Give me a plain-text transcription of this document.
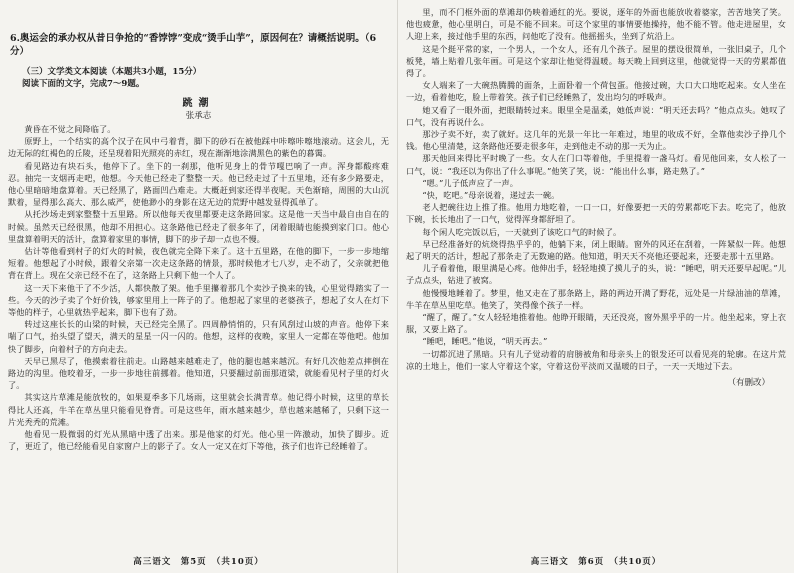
6.奥运会的承办权从昔日争抢的“香饽饽”变成“烫手山芋”，原因何在？请概括说明。（6分）
（三）文学类文本阅读（本题共3小题，15分）
阅读下面的文字，完成7～9题。
跳潮
张承志

黄昏在不觉之间降临了。

原野上，一个结实的高个汉子在风中弓着背，脚下的砂石在被他踩中咔嚓咔嚓地滚动。这会儿，无边无际的红褐色的丘陵，还呈现着阳光照亮的赤红，现在渐渐地涂满黑色的紫色的暮霭。

看见路边有块石头，他停下了。坐下的一刹那，他听见身上的骨节嘎巴响了一声。浑身都酸疼难忍。抽完一支烟再走吧，他想。今天他已经走了整整一天。他已经走过了十五里地，还有多少路要走，他心里暗暗地盘算着。天已经黑了，路面凹凸难走。大概赶到家还得半夜呢。天色渐暗，周围的大山沉默着，显得那么高大、那么威严，使他渺小的身影在这无边的荒野中越发显得孤单了。

从托沙场走到家整整十五里路。所以他每天夜里都要走这条路回家。这是他一天当中最自由自在的时候。虽然天已经很黑，他却不用担心。这条路他已经走了很多年了，闭着眼睛也能摸到家门口。他心里盘算着明天的活计，盘算着家里的事情，脚下的步子却一点也不慢。

估计等他看到村子的灯火的时候，夜色就完全降下来了。这十五里路，在他的脚下，一步一步地缩短着。他想起了小时候，跟着父亲第一次走这条路的情景，那时候他才七八岁，走不动了，父亲就把他背在背上。现在父亲已经不在了，这条路上只剩下他一个人了。

这一天下来他干了不少活，人都快散了架。他手里攥着那几个卖沙子换来的钱，心里觉得踏实了一些。今天的沙子卖了个好价钱，够家里用上一阵子的了。他想起了家里的老婆孩子，想起了女人在灯下等他的样子，心里就热乎起来，脚下也有了劲。

转过这座长长的山梁的时候，天已经完全黑了。四周静悄悄的，只有风刮过山坡的声音。他停下来喘了口气，抬头望了望天，满天的星星一闪一闪的。他想，这样的夜晚，家里人一定都在等他吧。他加快了脚步，向着村子的方向走去。

天早已黑尽了，他摸索着往前走。山路越来越难走了，他的腿也越来越沉。有好几次他差点摔倒在路边的沟里。他咬着牙，一步一步地往前挪着。他知道，只要翻过前面那道梁，就能看见村子里的灯火了。

其实这片草滩是能放牧的，如果夏季多下几场雨，这里就会长满青草。他记得小时候，这里的草长得比人还高，牛羊在草丛里只能看见脊背。可是这些年，雨水越来越少，草也越来越稀了，只剩下这一片光秃秃的荒滩。

他看见一股微弱的灯光从黑暗中透了出来。那是他家的灯光。他心里一阵激动，加快了脚步。近了，更近了，他已经能看见自家窗户上的影子了。女人一定又在灯下等他，孩子们也许已经睡着了。

高三语文　第5页　（共10页）

里，而不门框外面的草滩却仍映着通红的光。要说，逐年的外面也能放收着婆家，苦苦地笑了笑。他也疲惫，他心里明白，可是不能不回来。可这个家里的事情要他操持，他不能不管。他走进屋里，女人迎上来，接过他手里的东西，问他吃了没有。他摇摇头，坐到了炕沿上。

这是个挺平常的家，一个男人，一个女人，还有几个孩子。屋里的摆设很简单，一张旧桌子，几个板凳，墙上贴着几张年画。可是这个家却让他觉得温暖。每天晚上回到这里，他就觉得一天的劳累都值得了。

女人端来了一大碗热腾腾的面条，上面卧着一个荷包蛋。他接过碗，大口大口地吃起来。女人坐在一边，看着他吃，脸上带着笑。孩子们已经睡熟了，发出均匀的呼吸声。

她又看了一眼外面，把眼睛转过来。眼里全是温柔，她低声说：“明天还去吗？”他点点头。她叹了口气，没有再说什么。

那沙子卖不好，卖了就好。这几年的光景一年比一年难过，地里的收成不好，全靠他卖沙子挣几个钱。他心里清楚，这条路他还要走很多年，走到他走不动的那一天为止。

那天他回来得比平时晚了一些。女人在门口等着他，手里提着一盏马灯。看见他回来，女人松了一口气，说：“我还以为你出了什么事呢。”他笑了笑，说：“能出什么事，路走熟了。”

“嗯。”儿子低声应了一声。

“快，吃吧。”母亲说着，递过去一碗。

老人把碗往边上推了推。他用力地吃着，一口一口，好像要把一天的劳累都吃下去。吃完了，他放下碗，长长地出了一口气，觉得浑身都舒坦了。

每个闲人吃完饭以后，一天就到了该吃口气的时候了。

早已经准备好的炕烧得热乎乎的，他躺下来，闭上眼睛。窗外的风还在刮着，一阵紧似一阵。他想起了明天的活计，想起了那条走了无数遍的路。他知道，明天天不亮他还要起来，还要走那十五里路。

儿子看着他，眼里满是心疼。他伸出手，轻轻地摸了摸儿子的头，说：“睡吧，明天还要早起呢。”儿子点点头，钻进了被窝。

他慢慢地睡着了。梦里，他又走在了那条路上，路的两边开满了野花，远处是一片绿油油的草滩，牛羊在草丛里吃草。他笑了，笑得像个孩子一样。

“醒了，醒了。”女人轻轻地推着他。他睁开眼睛，天还没亮，窗外黑乎乎的一片。他坐起来，穿上衣服，又要上路了。

“睡吧，睡吧。”他说，“明天再去。”

一切都沉进了黑暗。只有儿子觉动着的肩膀被角和母亲头上的银发还可以看见亮的轮廓。在这片荒凉的土地上，他们一家人守着这个家，守着这份平淡而又温暖的日子，一天一天地过下去。

（有删改）
高三语文　第6页　（共10页）
